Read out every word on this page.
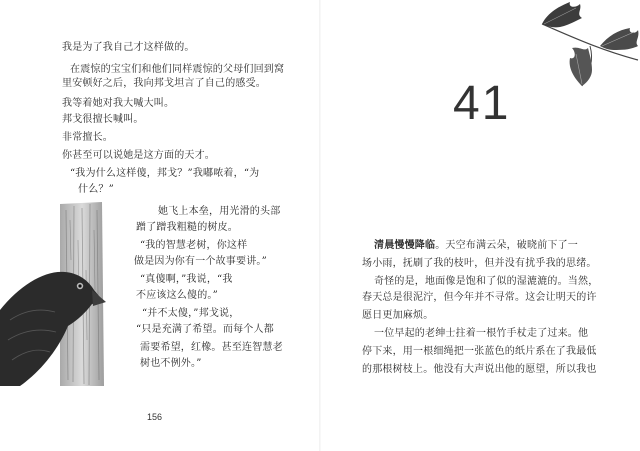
我是为了我自己才这样做的。
在震惊的宝宝们和他们同样震惊的父母们回到窝
里安顿好之后，我向邦戈坦言了自己的感受。
我等着她对我大喊大叫。
邦戈很擅长喊叫。
非常擅长。
你甚至可以说她是这方面的天才。
“我为什么这样傻，邦戈？”我嘟哝着，“为
什么？”
她飞上本垒，用光滑的头部
蹭了蹭我粗糙的树皮。
“我的智慧老树，你这样
做是因为你有一个故事要讲。”
“真傻啊，”我说，“我
不应该这么傻的。”
“并不太傻，”邦戈说，
“只是充满了希望。而每个人都
需要希望，红橡。甚至连智慧老
树也不例外。”
156
41
清晨慢慢降临。天空布满云朵，破晓前下了一
场小雨，抚刷了我的枝叶，但并没有扰乎我的思绪。
奇怪的是，地面像是饱和了似的湿漉漉的。当然，
春天总是很泥泞，但今年并不寻常。这会让明天的许
愿日更加麻烦。
一位早起的老绅士拄着一根竹手杖走了过来。他
停下来，用一根细绳把一张蓝色的纸片系在了我最低
的那根树枝上。他没有大声说出他的愿望，所以我也
